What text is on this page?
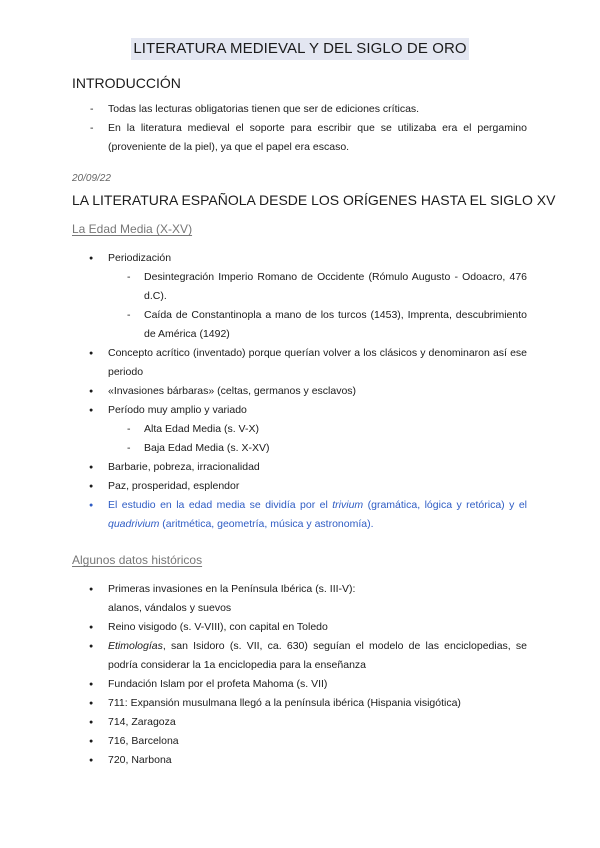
LITERATURA MEDIEVAL Y DEL SIGLO DE ORO
INTRODUCCIÓN
- Todas las lecturas obligatorias tienen que ser de ediciones críticas.
- En la literatura medieval el soporte para escribir que se utilizaba era el pergamino (proveniente de la piel), ya que el papel era escaso.
20/09/22
LA LITERATURA ESPAÑOLA DESDE LOS ORÍGENES HASTA EL SIGLO XV
La Edad Media (X-XV)
● Periodización
- Desintegración Imperio Romano de Occidente (Rómulo Augusto - Odoacro, 476 d.C).
- Caída de Constantinopla a mano de los turcos (1453), Imprenta, descubrimiento de América (1492)
● Concepto acrítico (inventado) porque querían volver a los clásicos y denominaron así ese periodo
● «Invasiones bárbaras» (celtas, germanos y esclavos)
● Período muy amplio y variado
- Alta Edad Media (s. V-X)
- Baja Edad Media (s. X-XV)
● Barbarie, pobreza, irracionalidad
● Paz, prosperidad, esplendor
● El estudio en la edad media se dividía por el trivium (gramática, lógica y retórica) y el quadrivium (aritmética, geometría, música y astronomía).
Algunos datos históricos
● Primeras invasiones en la Península Ibérica (s. III-V):
alanos, vándalos y suevos
● Reino visigodo (s. V-VIII), con capital en Toledo
● Etimologías, san Isidoro (s. VII, ca. 630) seguían el modelo de las enciclopedias, se podría considerar la 1a enciclopedia para la enseñanza
● Fundación Islam por el profeta Mahoma (s. VII)
● 711: Expansión musulmana llegó a la península ibérica (Hispania visigótica)
● 714, Zaragoza
● 716, Barcelona
● 720, Narbona
